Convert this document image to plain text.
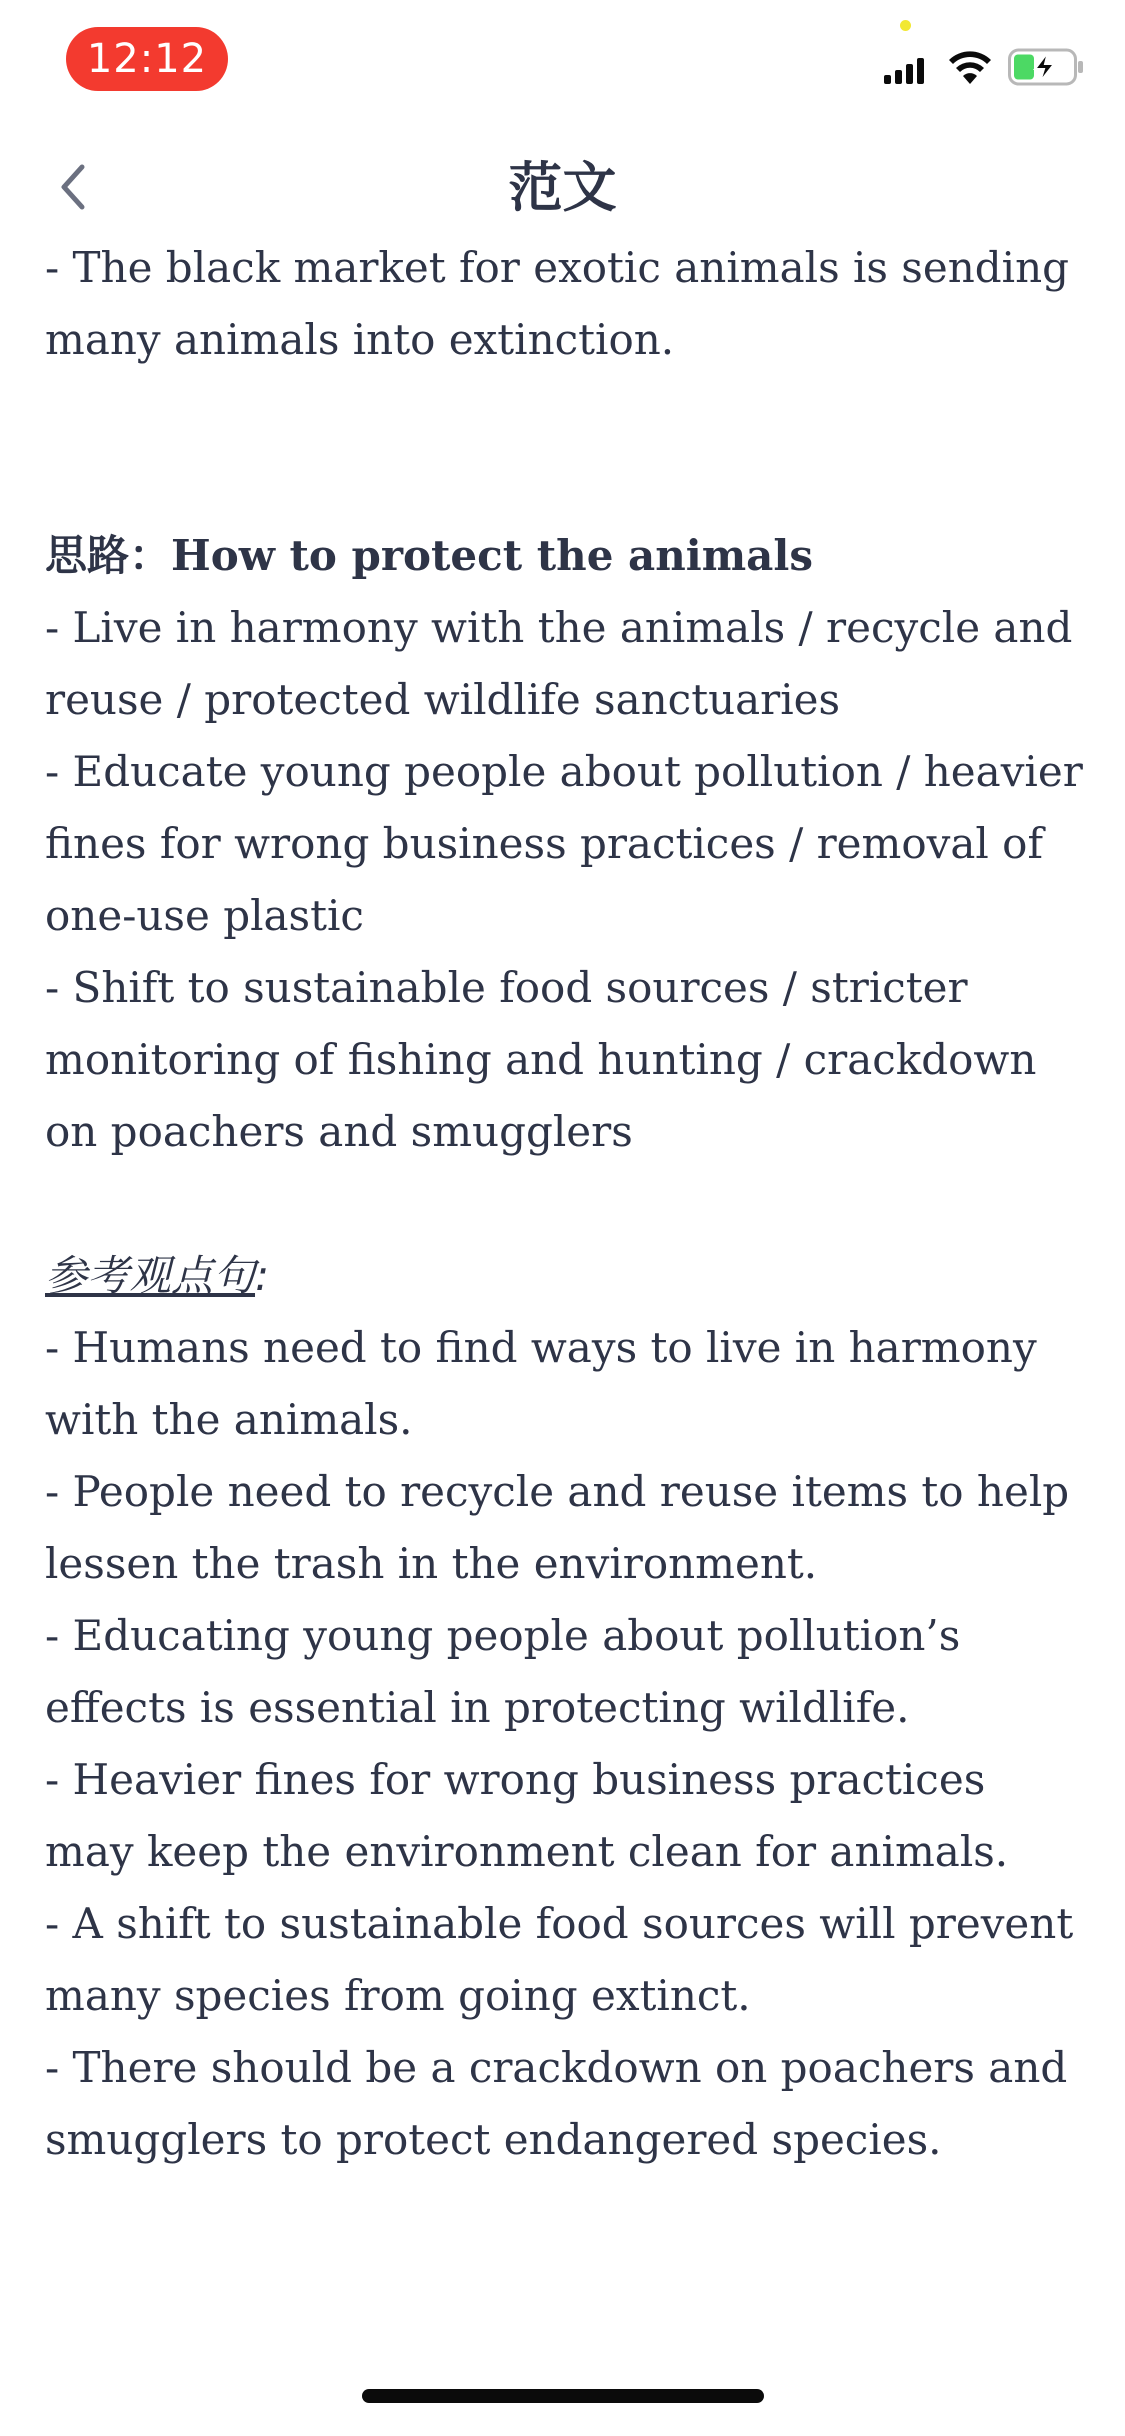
12:12
范文

- The black market for exotic animals is sending many animals into extinction.

思路：How to protect the animals

- Live in harmony with the animals / recycle and reuse / protected wildlife sanctuaries

- Educate young people about pollution / heavier fines for wrong business practices / removal of one-use plastic

- Shift to sustainable food sources / stricter monitoring of fishing and hunting / crackdown on poachers and smugglers

参考观点句:

- Humans need to find ways to live in harmony with the animals.

- People need to recycle and reuse items to help lessen the trash in the environment.

- Educating young people about pollution’s effects is essential in protecting wildlife.

- Heavier fines for wrong business practices may keep the environment clean for animals.

- A shift to sustainable food sources will prevent many species from going extinct.

- There should be a crackdown on poachers and smugglers to protect endangered species.
